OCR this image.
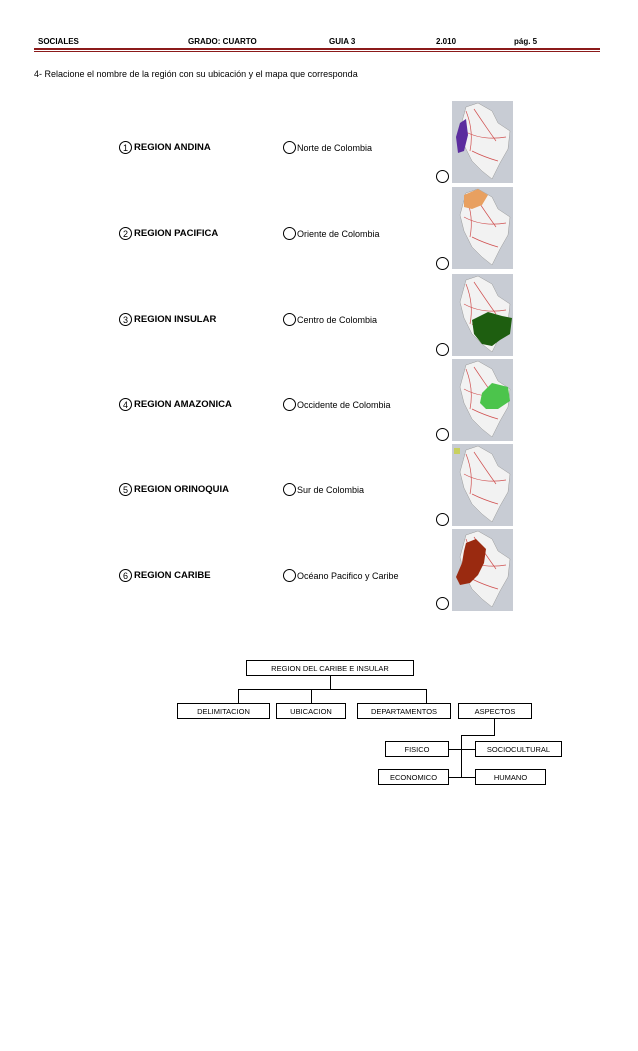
SOCIALES	GRADO: CUARTO	GUIA 3	2.010	pág. 5
4- Relacione el nombre de la región con su ubicación y el mapa que corresponda
1 REGION ANDINA	Norte de Colombia
2 REGION PACIFICA	Oriente de Colombia
3 REGION INSULAR	Centro de Colombia
4 REGION AMAZONICA	Occidente de Colombia
5 REGION ORINOQUIA	Sur de Colombia
6 REGION CARIBE	Océano Pacifico y Caribe
REGION DEL CARIBE E INSULAR
DELIMITACION	UBICACION	DEPARTAMENTOS	ASPECTOS
FISICO	SOCIOCULTURAL
ECONOMICO	HUMANO
